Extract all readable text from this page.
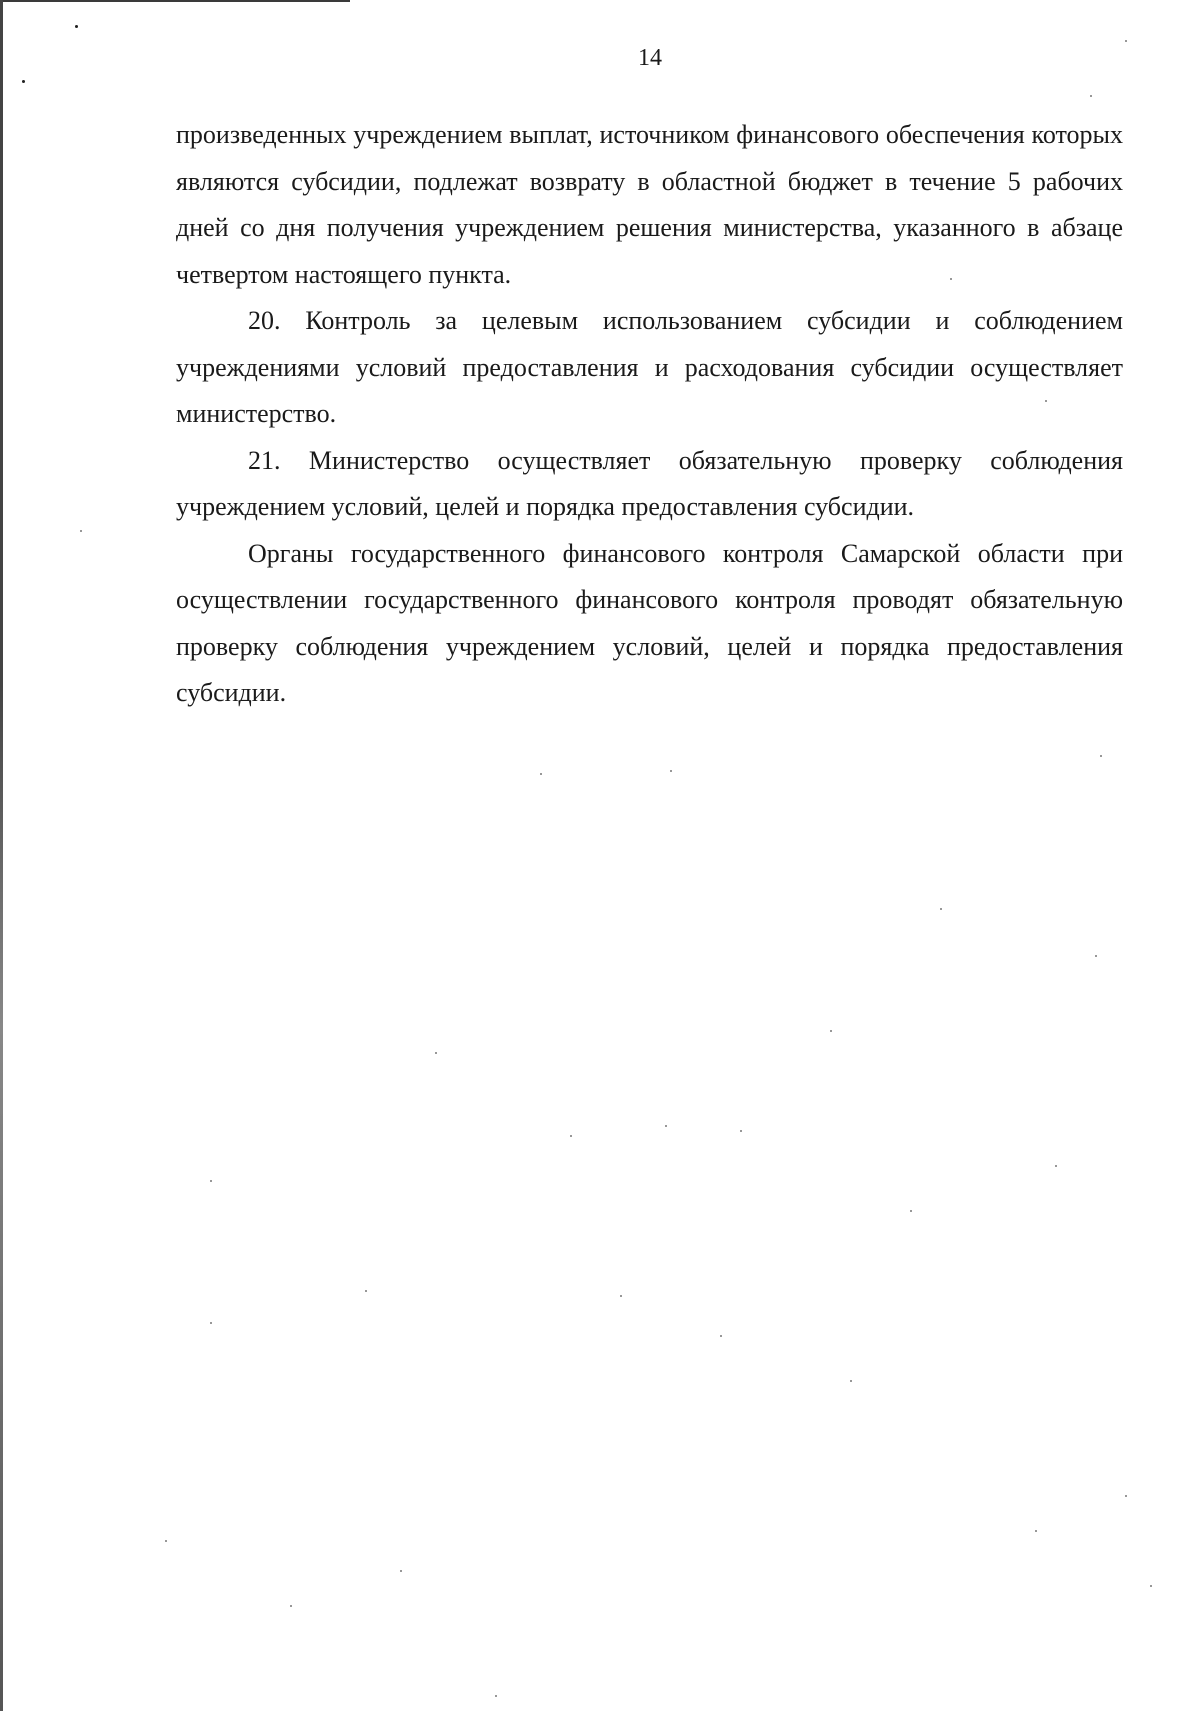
14

произведенных учреждением выплат, источником финансового обеспечения которых являются субсидии, подлежат возврату в областной бюджет в течение 5 рабочих дней со дня получения учреждением решения министерства, указанного в абзаце четвертом настоящего пункта.

20. Контроль за целевым использованием субсидии и соблюдением учреждениями условий предоставления и расходования субсидии осуществляет министерство.

21. Министерство осуществляет обязательную проверку соблюдения учреждением условий, целей и порядка предоставления субсидии.

Органы государственного финансового контроля Самарской области при осуществлении государственного финансового контроля проводят обязательную проверку соблюдения учреждением условий, целей и порядка предоставления субсидии.
